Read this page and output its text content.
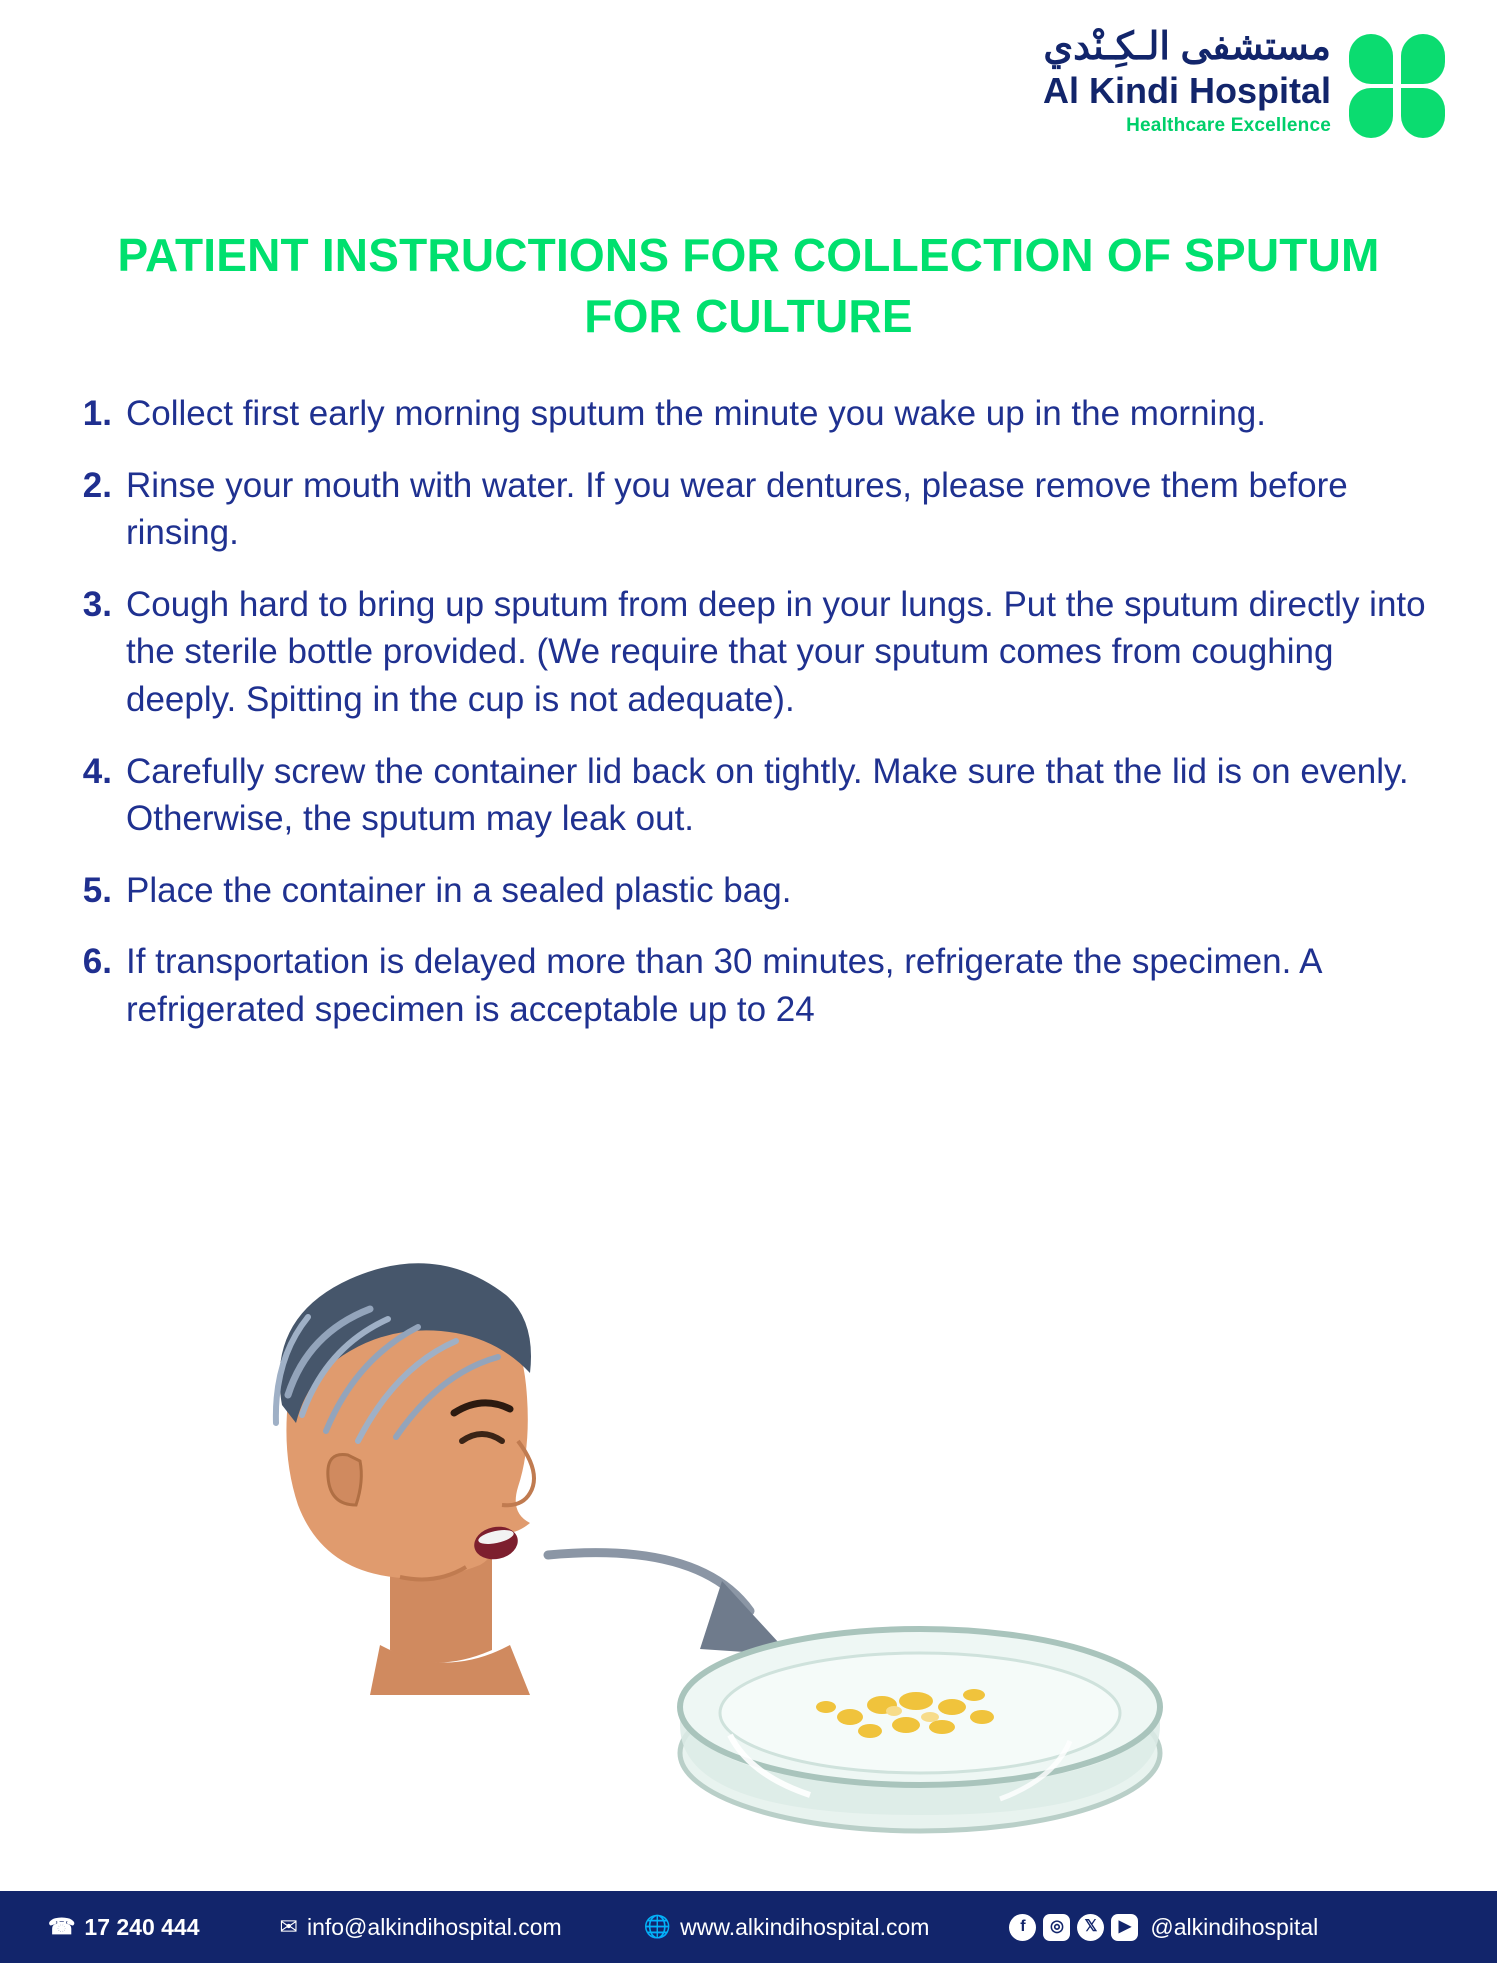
مستشفى الـكِـنْدي
Al Kindi Hospital
Healthcare Excellence
PATIENT INSTRUCTIONS FOR COLLECTION OF SPUTUM FOR CULTURE
1. Collect first early morning sputum the minute you wake up in the morning.
2. Rinse your mouth with water. If you wear dentures, please remove them before rinsing.
3. Cough hard to bring up sputum from deep in your lungs. Put the sputum directly into the sterile bottle provided. (We require that your sputum comes from coughing deeply. Spitting in the cup is not adequate).
4. Carefully screw the container lid back on tightly. Make sure that the lid is on evenly. Otherwise, the sputum may leak out.
5. Place the container in a sealed plastic bag.
6. If transportation is delayed more than 30 minutes, refrigerate the specimen. A refrigerated specimen is acceptable up to 24
☎ 17 240 444	✉ info@alkindihospital.com	🌐 www.alkindihospital.com	f	◎	𝕏	▶ @alkindihospital
